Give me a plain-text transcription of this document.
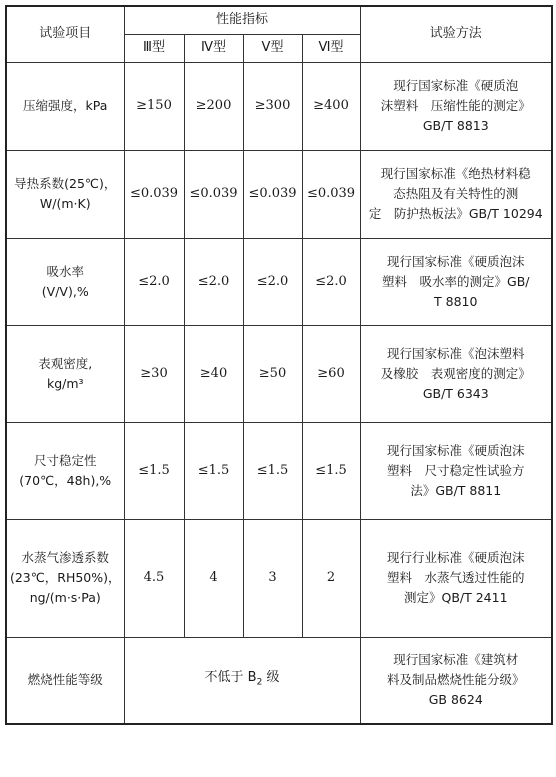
试验项目	性能指标				试验方法
	Ⅲ型	Ⅳ型	Ⅴ型	Ⅵ型	

压缩强度，kPa	≥150	≥200	≥300	≥400	现行国家标准《硬质泡
沫塑料　压缩性能的测定》
GB/T 8813

导热系数(25℃)，
W/(m·K)	≤0.039	≤0.039	≤0.039	≤0.039	现行国家标准《绝热材料稳
态热阻及有关特性的测
定　防护热板法》GB/T 10294

吸水率
(V/V),%	≤2.0	≤2.0	≤2.0	≤2.0	现行国家标准《硬质泡沫
塑料　吸水率的测定》GB/
T 8810

表观密度,
kg/m³	≥30	≥40	≥50	≥60	现行国家标准《泡沫塑料
及橡胶　表观密度的测定》
GB/T 6343

尺寸稳定性
(70℃，48h),%	≤1.5	≤1.5	≤1.5	≤1.5	现行国家标准《硬质泡沫
塑料　尺寸稳定性试验方
法》GB/T 8811

水蒸气渗透系数
(23℃，RH50%)，
ng/(m·s·Pa)	4.5	4	3	2	现行行业标准《硬质泡沫
塑料　水蒸气透过性能的
测定》QB/T 2411

燃烧性能等级	不低于 $B_2$ 级				现行国家标准《建筑材
料及制品燃烧性能分级》
GB 8624
